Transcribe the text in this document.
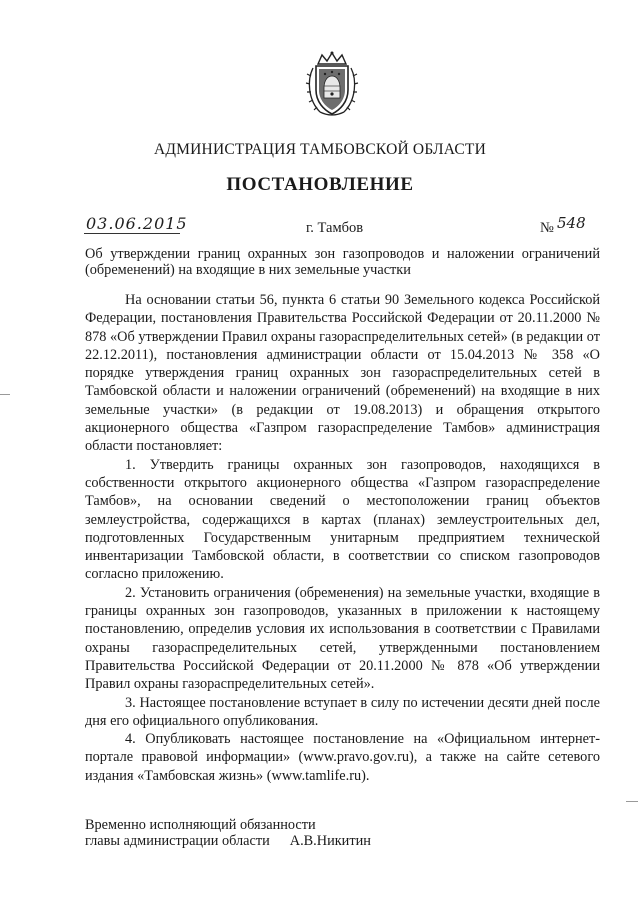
АДМИНИСТРАЦИЯ ТАМБОВСКОЙ ОБЛАСТИ
ПОСТАНОВЛЕНИЕ
03.06.2015	г. Тамбов	№ 548
Об утверждении границ охранных зон газопроводов и наложении ограничений (обременений) на входящие в них земельные участки

На основании статьи 56, пункта 6 статьи 90 Земельного кодекса Российской Федерации, постановления Правительства Российской Федерации от 20.11.2000 № 878 «Об утверждении Правил охраны газораспределительных сетей» (в редакции от 22.12.2011), постановления администрации области от 15.04.2013 № 358 «О порядке утверждения границ охранных зон газораспределительных сетей в Тамбовской области и наложении ограничений (обременений) на входящие в них земельные участки» (в редакции от 19.08.2013) и обращения открытого акционерного общества «Газпром газораспределение Тамбов» администрация области постановляет:

1. Утвердить границы охранных зон газопроводов, находящихся в собственности открытого акционерного общества «Газпром газораспределение Тамбов», на основании сведений о местоположении границ объектов землеустройства, содержащихся в картах (планах) землеустроительных дел, подготовленных Государственным унитарным предприятием технической инвентаризации Тамбовской области, в соответствии со списком газопроводов согласно приложению.

2. Установить ограничения (обременения) на земельные участки, входящие в границы охранных зон газопроводов, указанных в приложении к настоящему постановлению, определив условия их использования в соответствии с Правилами охраны газораспределительных сетей, утвержденными постановлением Правительства Российской Федерации от 20.11.2000 № 878 «Об утверждении Правил охраны газораспределительных сетей».

3. Настоящее постановление вступает в силу по истечении десяти дней после дня его официального опубликования.

4. Опубликовать настоящее постановление на «Официальном интернет-портале правовой информации» (www.pravo.gov.ru), а также на сайте сетевого издания «Тамбовская жизнь» (www.tamlife.ru).

Временно исполняющий обязанности
главы администрации области А.В.Никитин
